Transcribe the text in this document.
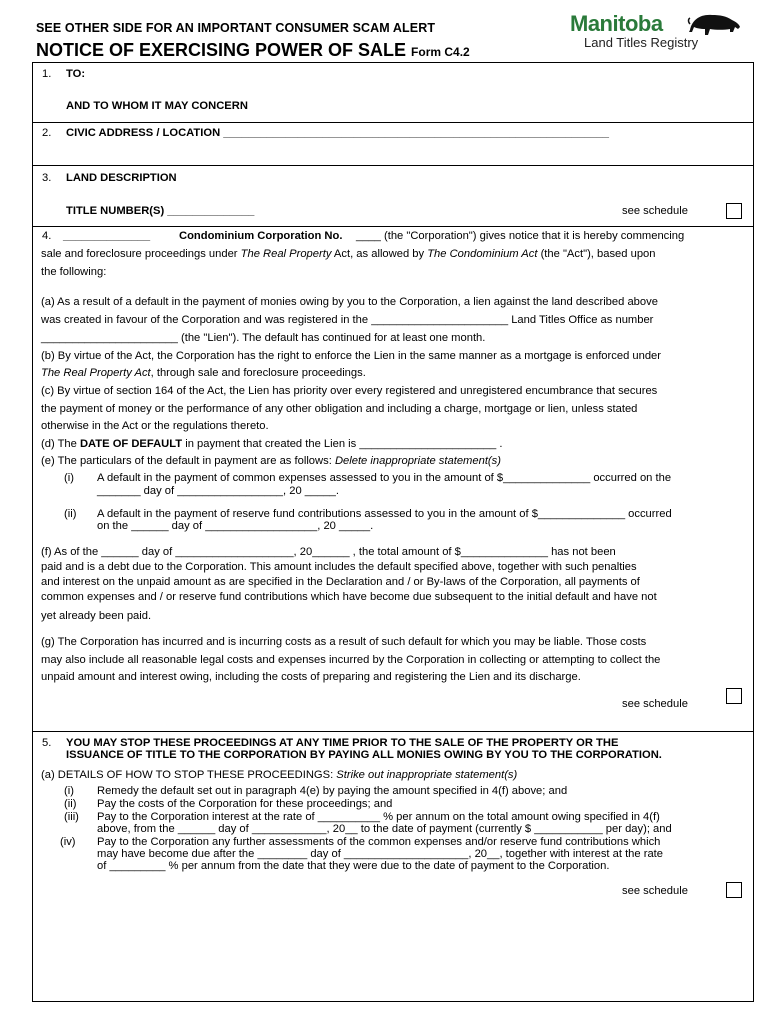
SEE OTHER SIDE FOR AN IMPORTANT CONSUMER SCAM ALERT
NOTICE OF EXERCISING POWER OF SALE Form C4.2
Manitoba
Land Titles Registry
1. TO:
AND TO WHOM IT MAY CONCERN
2. CIVIC ADDRESS / LOCATION ______________________________________________________________
3. LAND DESCRIPTION
TITLE NUMBER(S) ______________	see schedule
4. ______________	Condominium Corporation No. ____ (the "Corporation") gives notice that it is hereby commencing
sale and foreclosure proceedings under The Real Property Act, as allowed by The Condominium Act (the "Act"), based upon
the following:
(a) As a result of a default in the payment of monies owing by you to the Corporation, a lien against the land described above
was created in favour of the Corporation and was registered in the ______________________ Land Titles Office as number
______________________ (the "Lien"). The default has continued for at least one month.
(b) By virtue of the Act, the Corporation has the right to enforce the Lien in the same manner as a mortgage is enforced under
The Real Property Act, through sale and foreclosure proceedings.
(c) By virtue of section 164 of the Act, the Lien has priority over every registered and unregistered encumbrance that secures
the payment of money or the performance of any other obligation and including a charge, mortgage or lien, unless stated
otherwise in the Act or the regulations thereto.
(d) The DATE OF DEFAULT in payment that created the Lien is ______________________ .
(e) The particulars of the default in payment are as follows: Delete inappropriate statement(s)
(i) A default in the payment of common expenses assessed to you in the amount of $______________ occurred on the
_______ day of _________________, 20 _____.
(ii) A default in the payment of reserve fund contributions assessed to you in the amount of $______________ occurred
on the ______ day of __________________, 20 _____.
(f) As of the ______ day of ___________________, 20______ , the total amount of $______________ has not been
paid and is a debt due to the Corporation. This amount includes the default specified above, together with such penalties
and interest on the unpaid amount as are specified in the Declaration and / or By-laws of the Corporation, all payments of
common expenses and / or reserve fund contributions which have become due subsequent to the initial default and have not
yet already been paid.
(g) The Corporation has incurred and is incurring costs as a result of such default for which you may be liable. Those costs
may also include all reasonable legal costs and expenses incurred by the Corporation in collecting or attempting to collect the
unpaid amount and interest owing, including the costs of preparing and registering the Lien and its discharge.
see schedule
5. YOU MAY STOP THESE PROCEEDINGS AT ANY TIME PRIOR TO THE SALE OF THE PROPERTY OR THE
ISSUANCE OF TITLE TO THE CORPORATION BY PAYING ALL MONIES OWING BY YOU TO THE CORPORATION.
(a) DETAILS OF HOW TO STOP THESE PROCEEDINGS: Strike out inappropriate statement(s)
(i) Remedy the default set out in paragraph 4(e) by paying the amount specified in 4(f) above; and
(ii) Pay the costs of the Corporation for these proceedings; and
(iii) Pay to the Corporation interest at the rate of __________ % per annum on the total amount owing specified in 4(f)
above, from the ______ day of ____________, 20__ to the date of payment (currently $ ___________ per day); and
(iv) Pay to the Corporation any further assessments of the common expenses and/or reserve fund contributions which
may have become due after the ________ day of ____________________, 20__, together with interest at the rate
of _________ % per annum from the date that they were due to the date of payment to the Corporation.
see schedule
